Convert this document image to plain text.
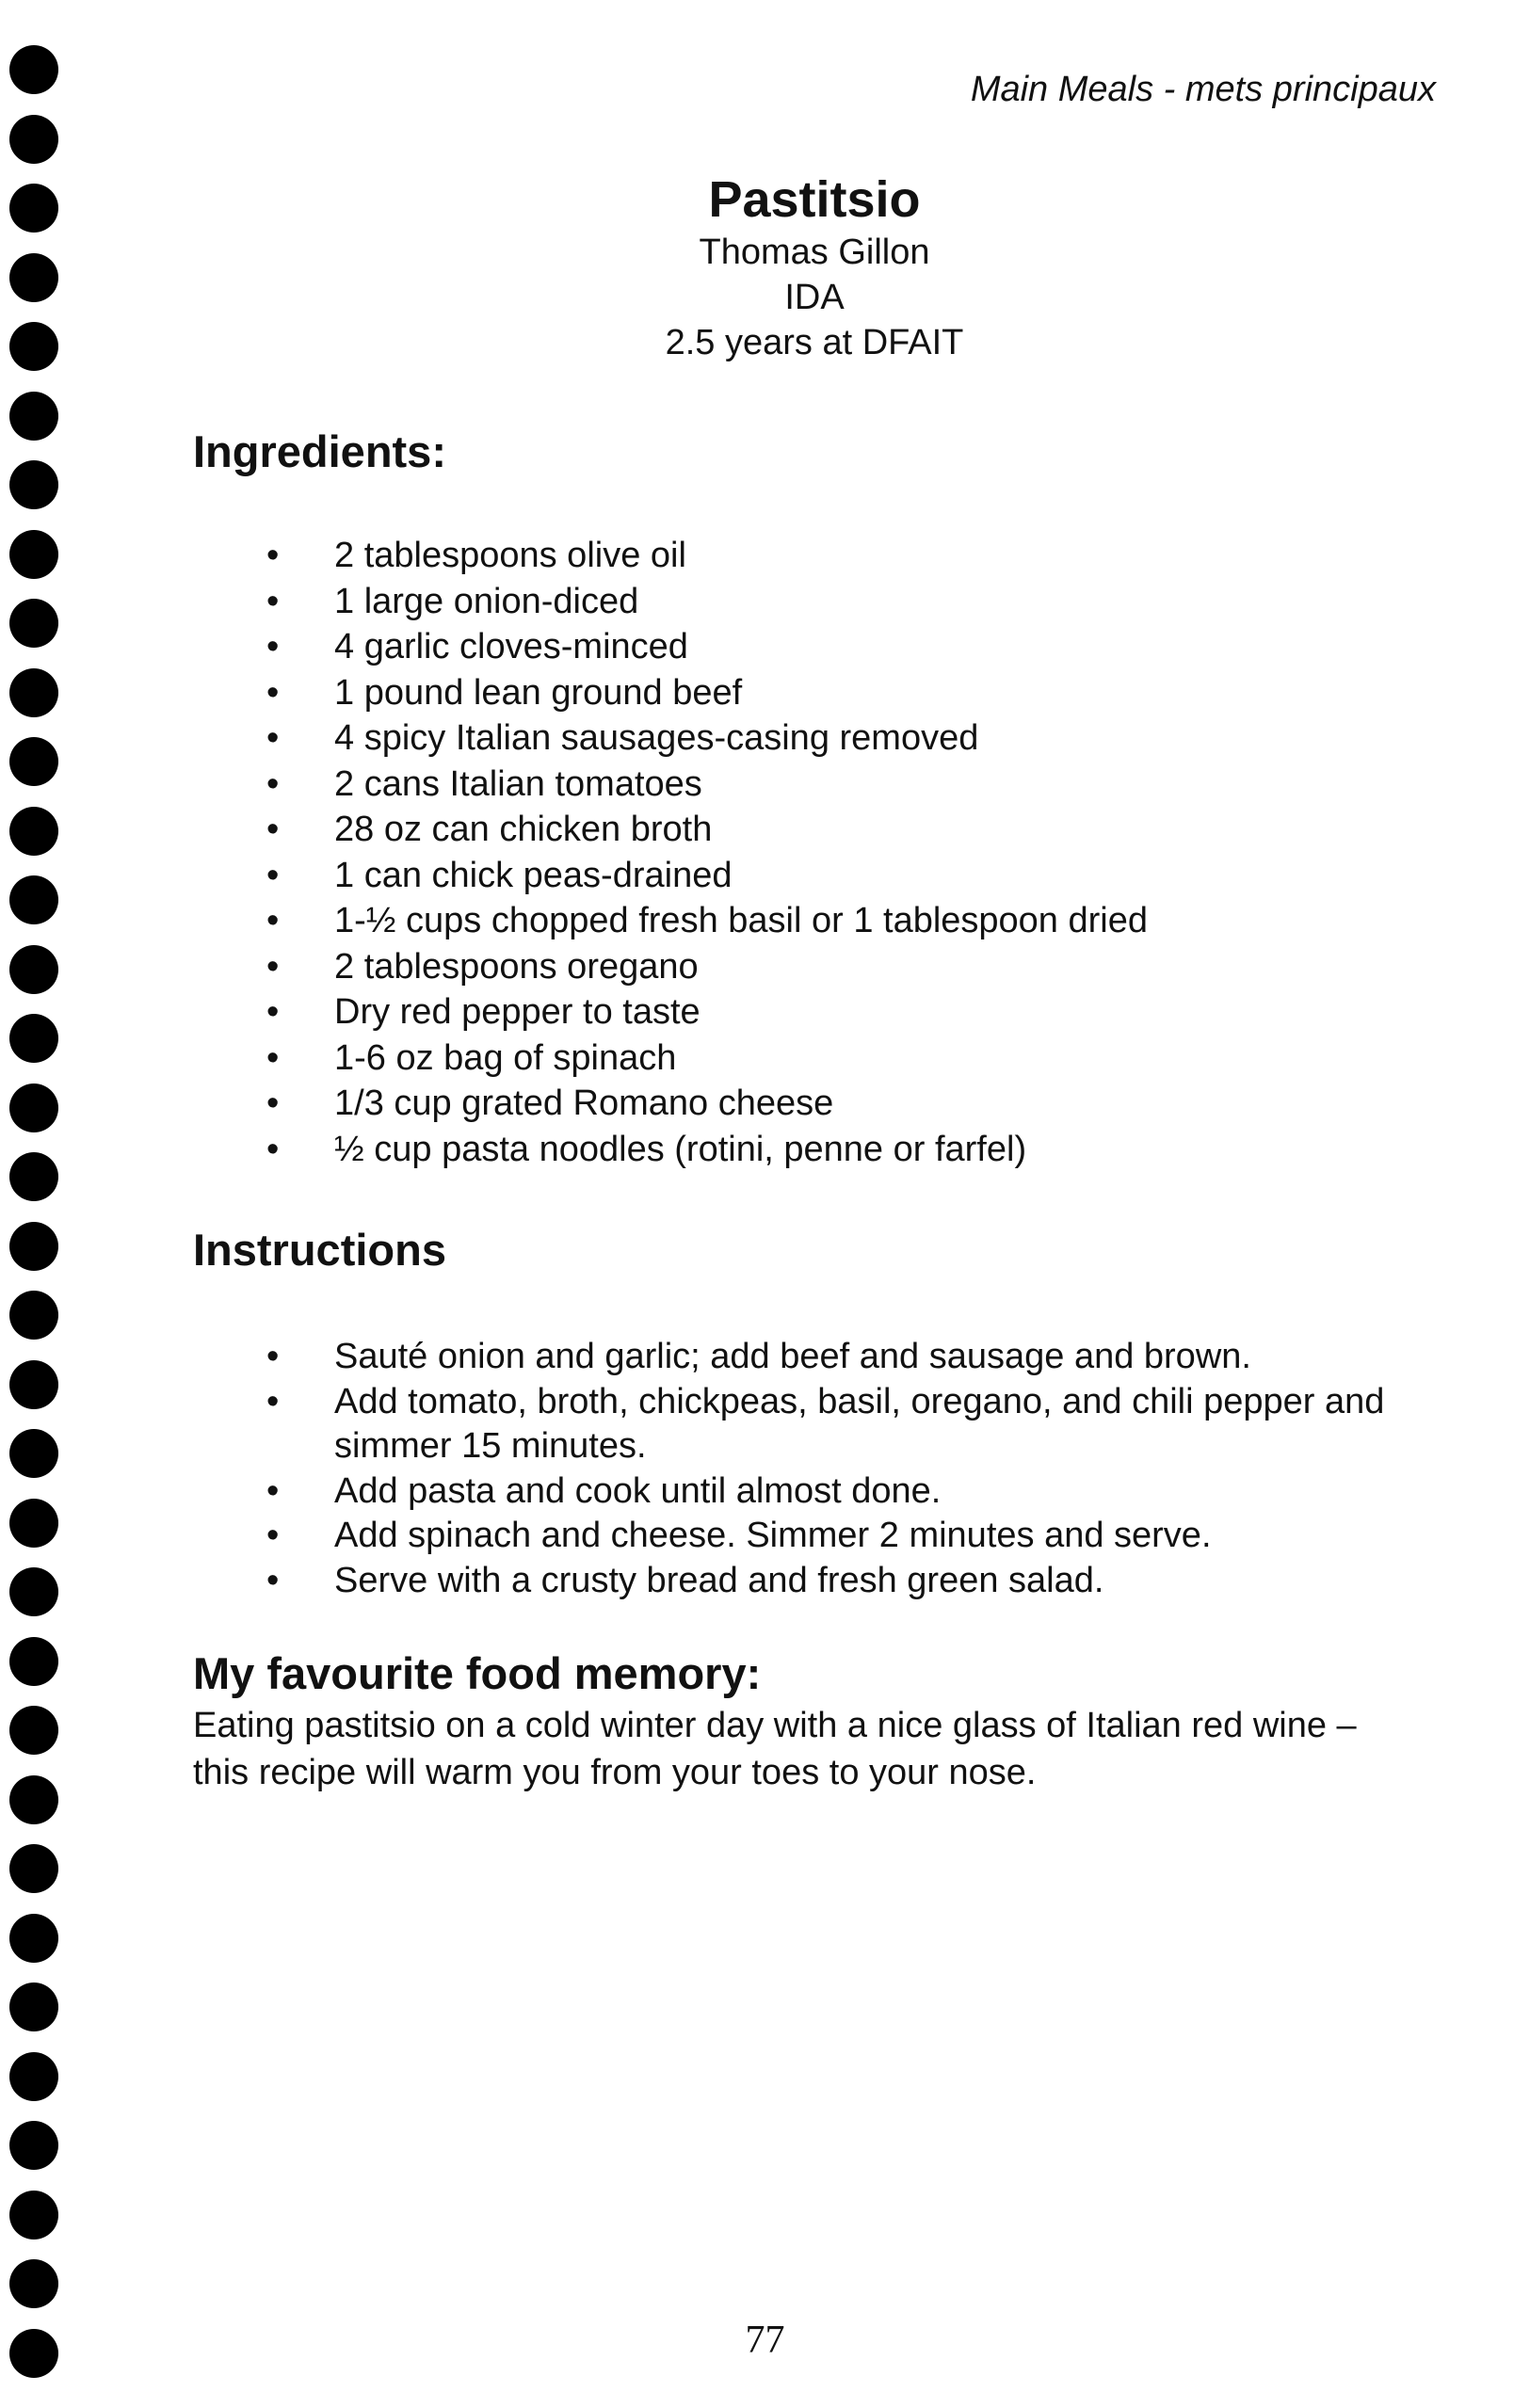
Main Meals - mets principaux

Pastitsio

Thomas Gillon

IDA

2.5 years at DFAIT

Ingredients:
• 2 tablespoons olive oil
• 1 large onion-diced
• 4 garlic cloves-minced
• 1 pound lean ground beef
• 4 spicy Italian sausages-casing removed
• 2 cans Italian tomatoes
• 28 oz can chicken broth
• 1 can chick peas-drained
• 1-½ cups chopped fresh basil or 1 tablespoon dried
• 2 tablespoons oregano
• Dry red pepper to taste
• 1-6 oz bag of spinach
• 1/3 cup grated Romano cheese
• ½ cup pasta noodles (rotini, penne or farfel)
Instructions
• Sauté onion and garlic; add beef and sausage and brown.
• Add tomato, broth, chickpeas, basil, oregano, and chili pepper and simmer 15 minutes.
• Add pasta and cook until almost done.
• Add spinach and cheese. Simmer 2 minutes and serve.
• Serve with a crusty bread and fresh green salad.
My favourite food memory:

Eating pastitsio on a cold winter day with a nice glass of Italian red wine – this recipe will warm you from your toes to your nose.

77
